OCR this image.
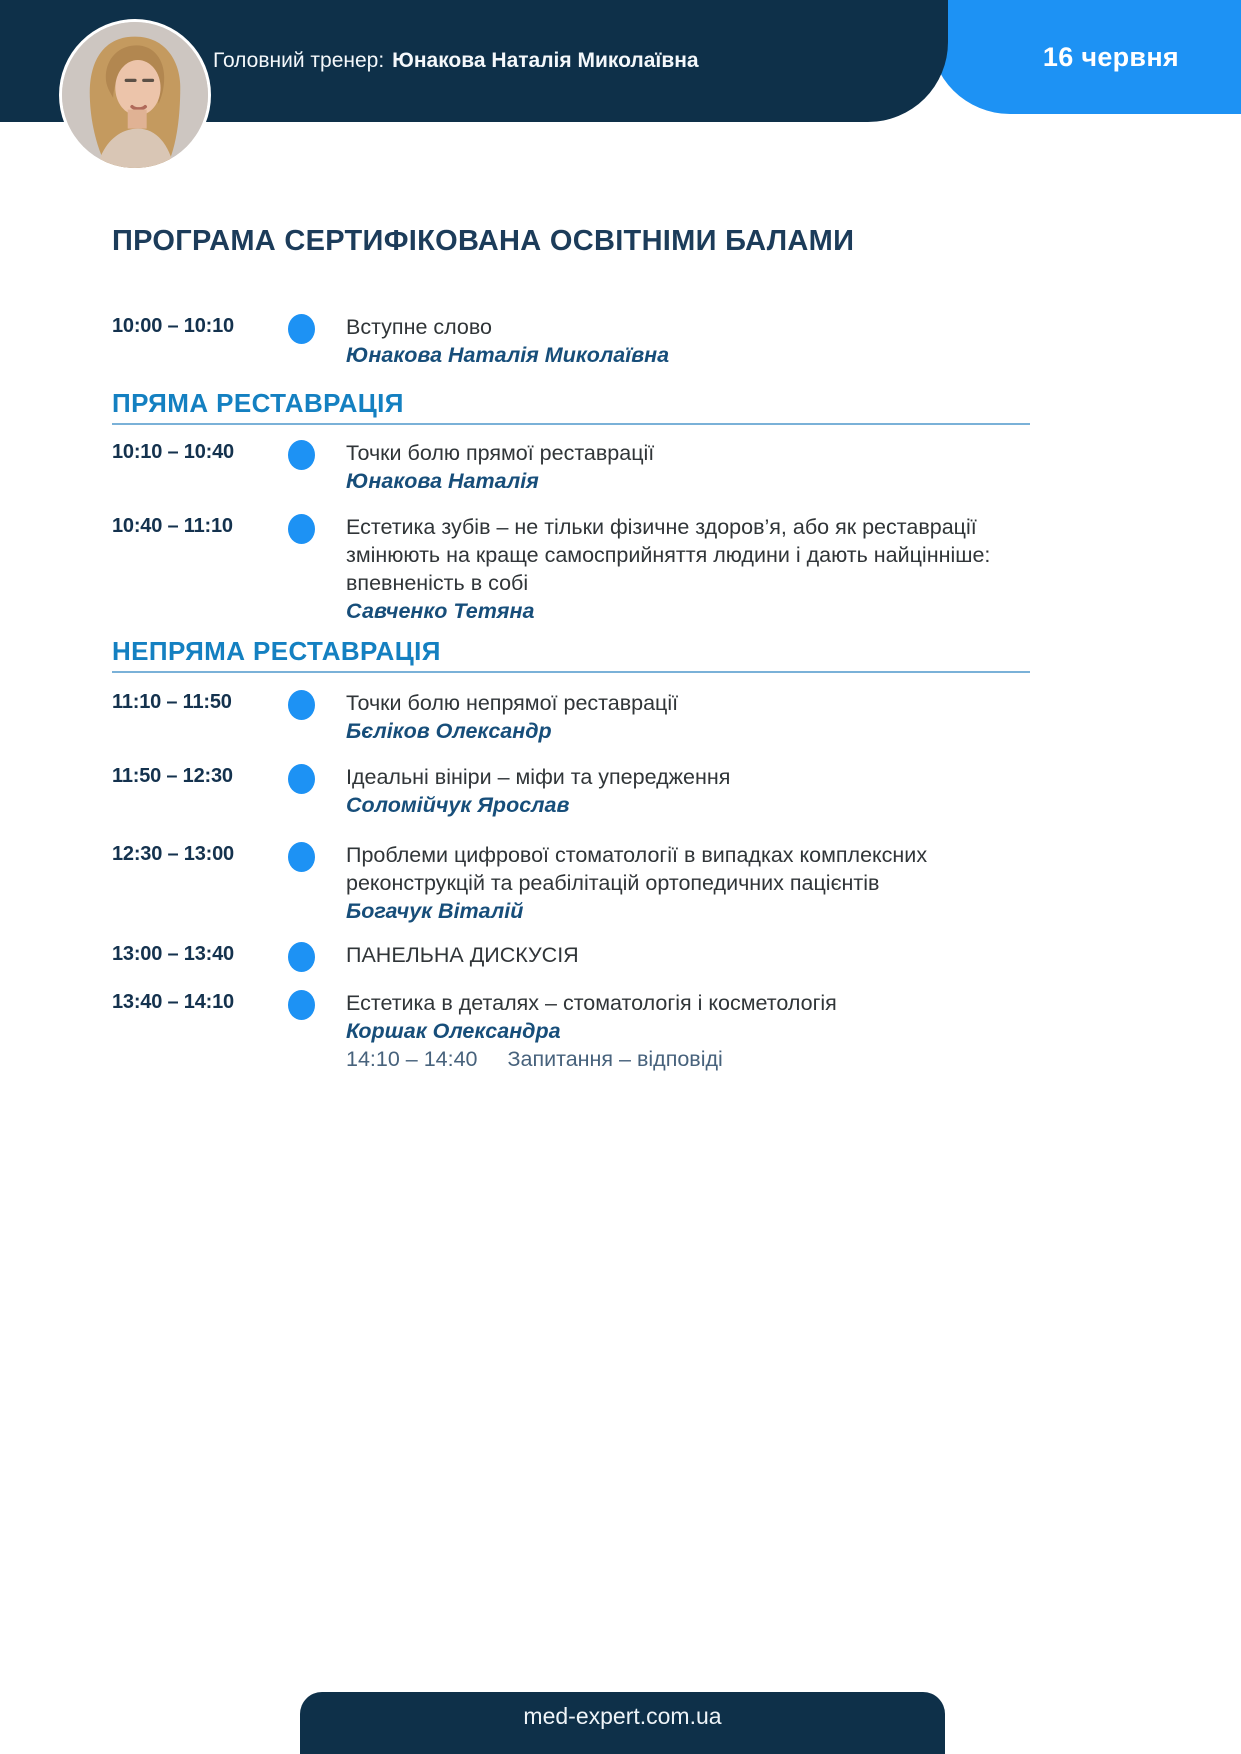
16 червня
Головний тренер: Юнакова Наталія Миколаївна
ПРОГРАМА СЕРТИФІКОВАНА ОСВІТНІМИ БАЛАМИ
10:00 – 10:10	Вступне слово
Юнакова Наталія Миколаївна
ПРЯМА РЕСТАВРАЦІЯ
10:10 – 10:40	Точки болю прямої реставрації
Юнакова Наталія
10:40 – 11:10	Естетика зубів – не тільки фізичне здоров’я, або як реставрації змінюють на краще самосприйняття людини і дають найцінніше: впевненість в собі
Савченко Тетяна
НЕПРЯМА РЕСТАВРАЦІЯ
11:10 – 11:50	Точки болю непрямої реставрації
Бєліков Олександр
11:50 – 12:30	Ідеальні вініри – міфи та упередження
Соломійчук Ярослав
12:30 – 13:00	Проблеми цифрової стоматології в випадках комплексних реконструкцій та реабілітацій ортопедичних пацієнтів
Богачук Віталій
13:00 – 13:40	ПАНЕЛЬНА ДИСКУСІЯ
13:40 – 14:10	Естетика в деталях – стоматологія і косметологія
Коршак Олександра
14:10 – 14:40 Запитання – відповіді
med-expert.com.ua
